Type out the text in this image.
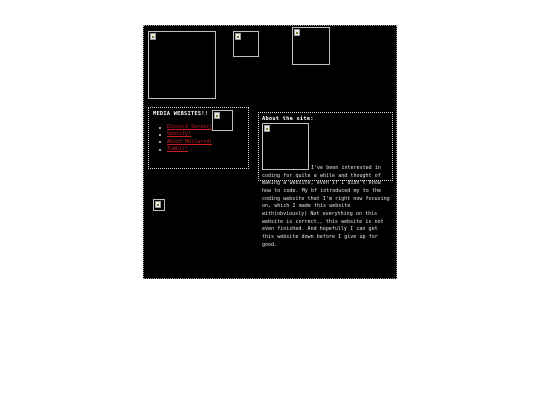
MEDIA WEBSITES!!
Discord Server!
Spotify!
About Me(Carrd)
Tumblr!
About the site:
I've been interested in coding for quite a while and thought of making a website, even if I didn't know how to code. My bf introduced my to the coding website that I'm right now focusing on, which I made this website with(obviously) Not everything on this website is correct., this website is not even finished. And hopefully I can get this website down before I give up for good.
